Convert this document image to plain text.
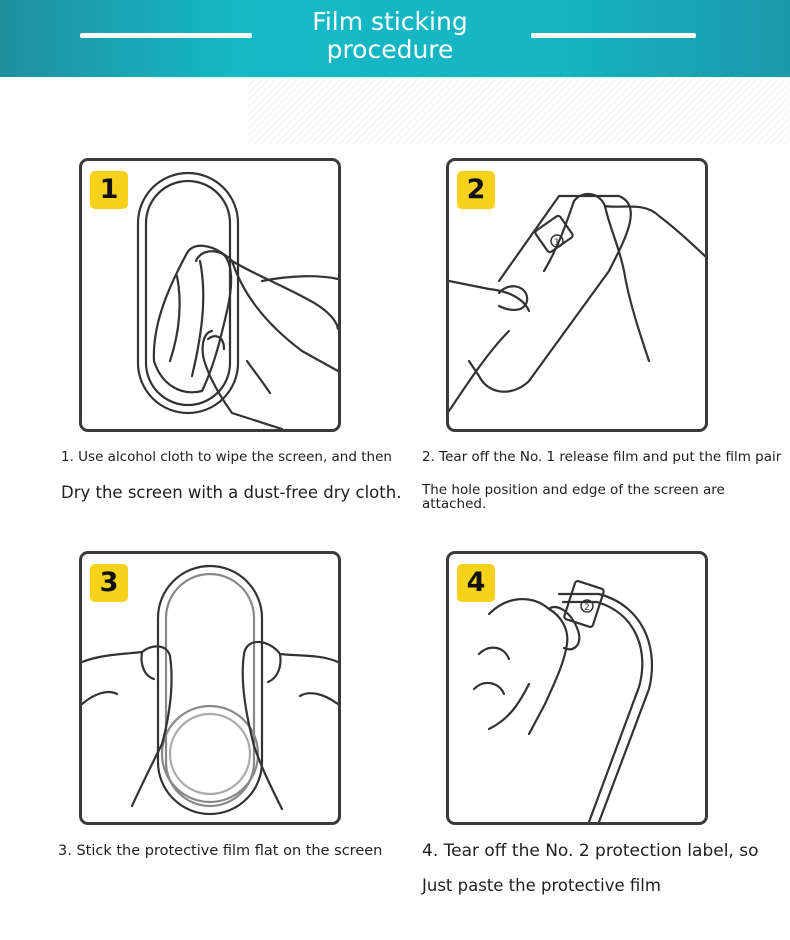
Film sticking
procedure
1
1. Use alcohol cloth to wipe the screen, and then
Dry the screen with a dust-free dry cloth.
1
2
2. Tear off the No. 1 release film and put the film pair
The hole position and edge of the screen are
attached.
3
3. Stick the protective film flat on the screen
2
4
4. Tear off the No. 2 protection label, so
Just paste the protective film
